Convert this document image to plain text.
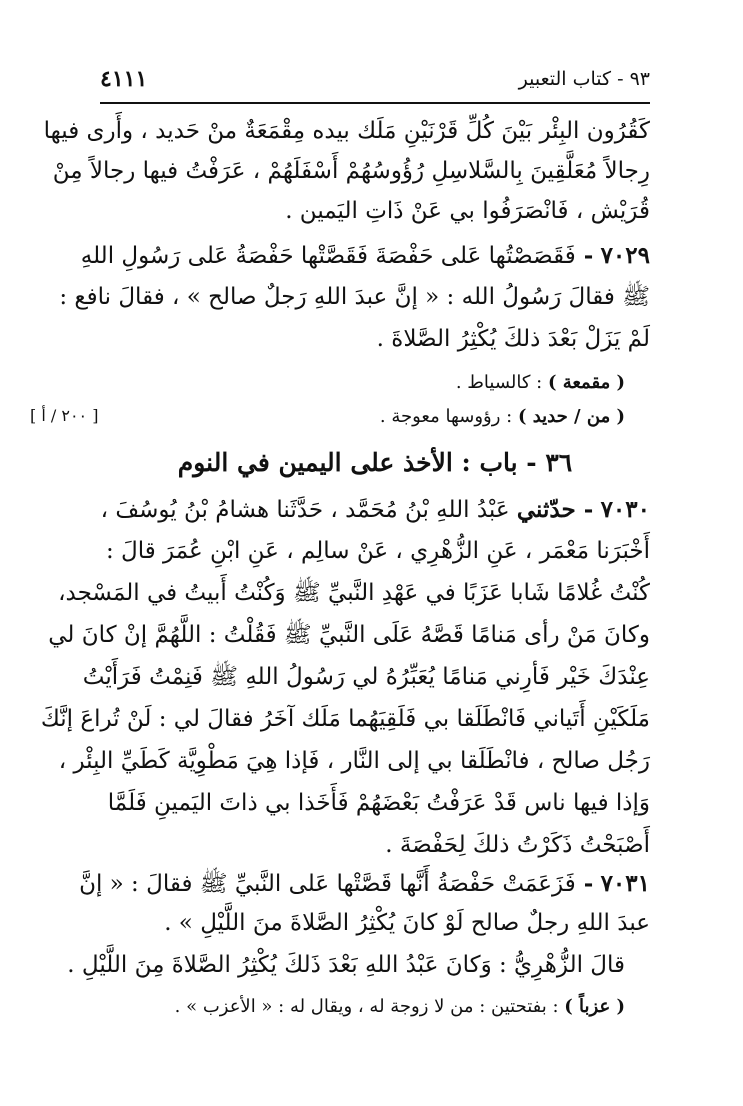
٩٣ - كتاب التعبير
٤١١١
كَقُرُون البِئْر بَيْنَ كُلِّ قَرْنَيْنِ مَلَك بيده مِقْمَعَةٌ منْ حَديد ، وأَرى فيها
رِجالاً مُعَلَّقِينَ بِالسَّلاسِلِ رُؤُوسُهُمْ أَسْفَلَهُمْ ، عَرَفْتُ فيها رجالاً مِنْ
قُرَيْش ، فَانْصَرَفُوا بي عَنْ ذَاتِ اليَمين .
٧٠٢٩ - فَقَصَصْتُها عَلى حَفْصَةَ فَقَصَّتْها حَفْصَةُ عَلى رَسُولِ اللهِ
ﷺ فقالَ رَسُولُ الله : « إنَّ عبدَ اللهِ رَجلٌ صالح » ، فقالَ نافع :
لَمْ يَزَلْ بَعْدَ ذلكَ يُكْثِرُ الصَّلاةَ .
( مقمعة ) : كالسياط .
( من / حديد ) : رؤوسها معوجة .
[ ٢٠٠ / أ ]
٣٦ - باب : الأخذ على اليمين في النوم
٧٠٣٠ - حدّثني عَبْدُ اللهِ بْنُ مُحَمَّد ، حَدَّثَنا هشامُ بْنُ يُوسُفَ ،
أَخْبَرَنا مَعْمَر ، عَنِ الزُّهْرِي ، عَنْ سالِم ، عَنِ ابْنِ عُمَرَ قالَ :
كُنْتُ غُلامًا شَابا عَزَبًا في عَهْدِ النَّبيِّ ﷺ وَكُنْتُ أَبيتُ في المَسْجد،
وكانَ مَنْ رأى مَنامًا قَصَّهُ عَلَى النَّبيِّ ﷺ فَقُلْتُ : اللَّهُمَّ إنْ كانَ لي
عِنْدَكَ خَيْر فَأرِني مَنامًا يُعَبِّرُهُ لي رَسُولُ اللهِ ﷺ فَنِمْتُ فَرَأَيْتُ
مَلَكَيْنِ أَتَياني فَانْطَلَقا بي فَلَقِيَهُما مَلَك آخَرُ فقالَ لي : لَنْ تُراعَ إنَّكَ
رَجُل صالح ، فانْطَلَقا بي إلى النَّار ، فَإذا هِيَ مَطْوِيَّة كَطَيِّ البِئْر ،
وَإذا فيها ناس قَدْ عَرَفْتُ بَعْضَهُمْ فَأَخَذا بي ذاتَ اليَمينِ فَلَمَّا
أَصْبَحْتُ ذَكَرْتُ ذلكَ لِحَفْصَةَ .
٧٠٣١ - فَزَعَمَتْ حَفْصَةُ أَنَّها قَصَّتْها عَلى النَّبيِّ ﷺ فقالَ : « إنَّ
عبدَ اللهِ رجلٌ صالح لَوْ كانَ يُكْثِرُ الصَّلاةَ منَ اللَّيْلِ » .
قالَ الزُّهْرِيُّ : وَكانَ عَبْدُ اللهِ بَعْدَ ذَلكَ يُكْثِرُ الصَّلاةَ مِنَ اللَّيْلِ .
( عزباً ) : بفتحتين : من لا زوجة له ، ويقال له : « الأعزب » .
